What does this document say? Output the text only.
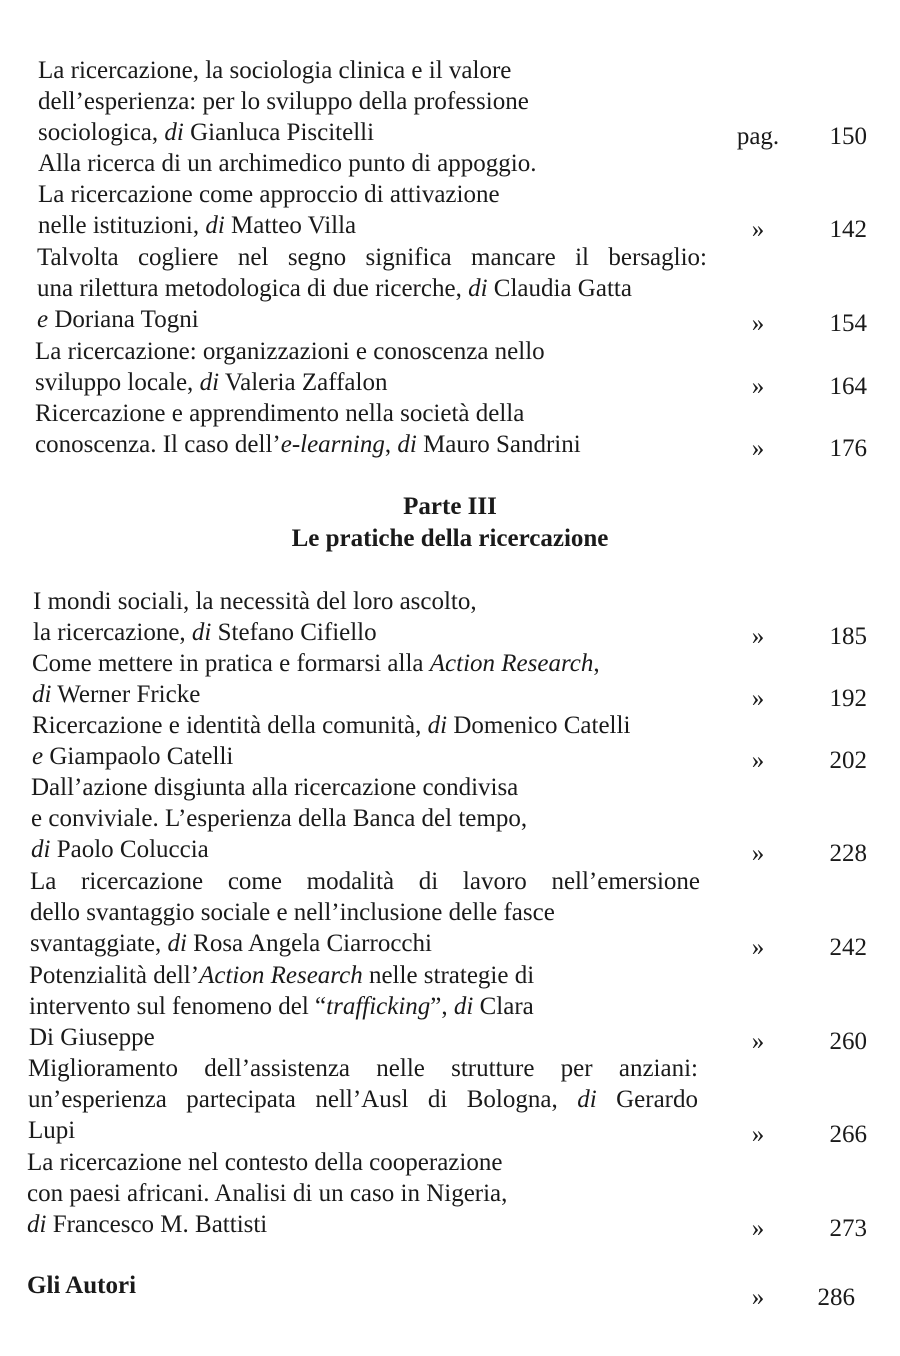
La ricercazione, la sociologia clinica e il valore
dell’esperienza: per lo sviluppo della professione
sociologica, di Gianluca Piscitelli	pag.	150
Alla ricerca di un archimedico punto di appoggio.
La ricercazione come approccio di attivazione
nelle istituzioni, di Matteo Villa	»	142
Talvolta cogliere nel segno significa mancare il bersaglio:
una rilettura metodologica di due ricerche, di Claudia Gatta
e Doriana Togni	»	154
La ricercazione: organizzazioni e conoscenza nello
sviluppo locale, di Valeria Zaffalon	»	164
Ricercazione e apprendimento nella società della
conoscenza. Il caso dell’e-learning, di Mauro Sandrini	»	176
Parte III
Le pratiche della ricercazione
I mondi sociali, la necessità del loro ascolto,
la ricercazione, di Stefano Cifiello	»	185
Come mettere in pratica e formarsi alla Action Research,
di Werner Fricke	»	192
Ricercazione e identità della comunità, di Domenico Catelli
e Giampaolo Catelli	»	202
Dall’azione disgiunta alla ricercazione condivisa
e conviviale. L’esperienza della Banca del tempo,
di Paolo Coluccia	»	228
La ricercazione come modalità di lavoro nell’emersione
dello svantaggio sociale e nell’inclusione delle fasce
svantaggiate, di Rosa Angela Ciarrocchi	»	242
Potenzialità dell’Action Research nelle strategie di
intervento sul fenomeno del “trafficking”, di Clara
Di Giuseppe	»	260
Miglioramento dell’assistenza nelle strutture per anziani:
un’esperienza partecipata nell’Ausl di Bologna, di Gerardo
Lupi	»	266
La ricercazione nel contesto della cooperazione
con paesi africani. Analisi di un caso in Nigeria,
di Francesco M. Battisti	»	273
Gli Autori	»	286
